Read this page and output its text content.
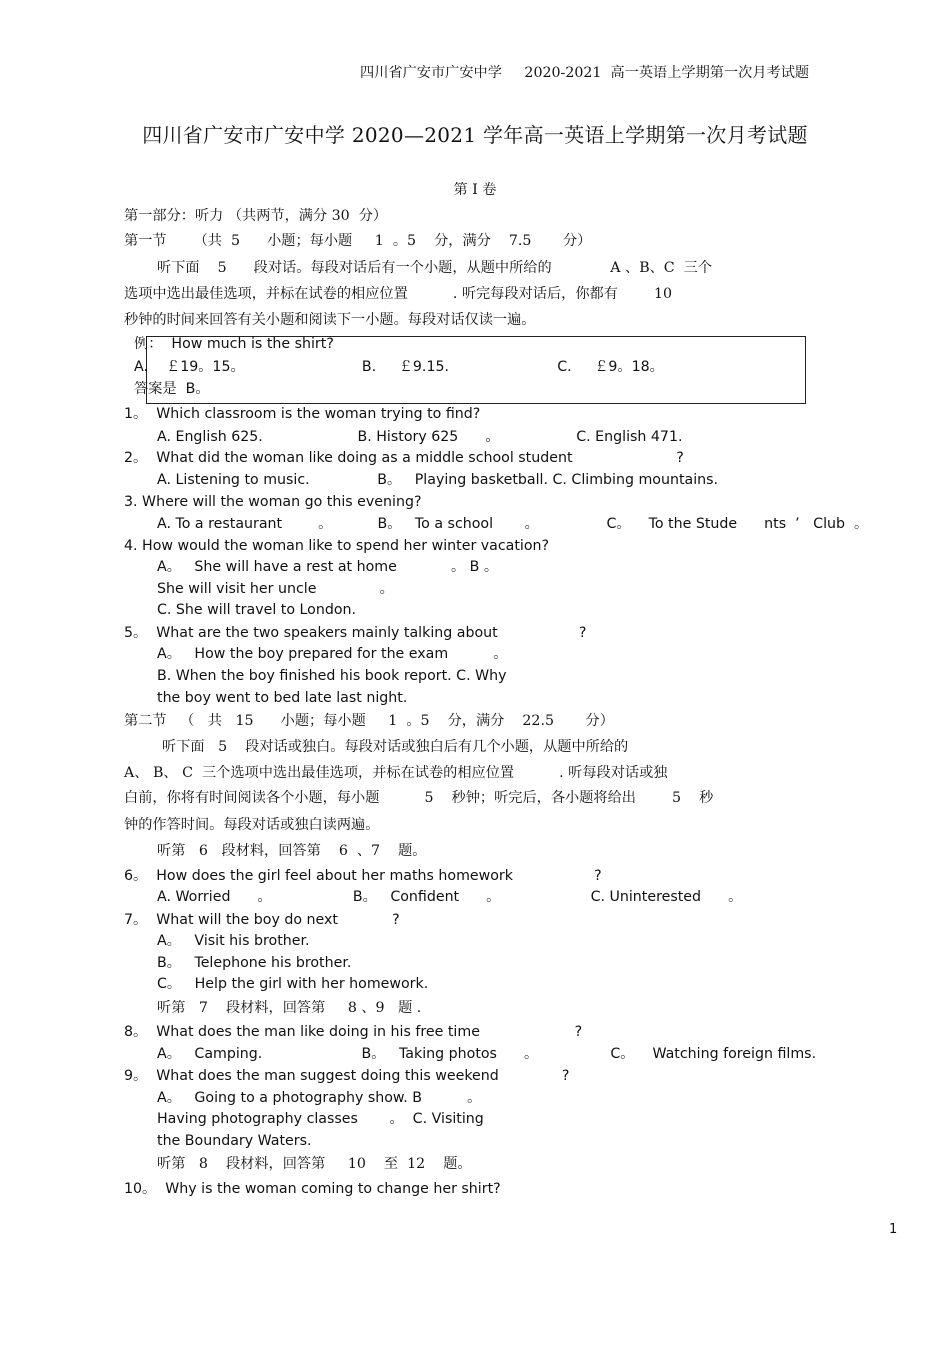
四川省广安市广安中学     2020-2021  高一英语上学期第一次月考试题
四川省广安市广安中学 2020—2021 学年高一英语上学期第一次月考试题
第 I 卷
第一部分：听力 （共两节，满分 30  分）
第一节      （共  5      小题；每小题     1  。5    分，满分    7.5       分）
听下面    5      段对话。每段对话后有一个小题，从题中所给的             A 、B、C  三个
选项中选出最佳选项，并标在试卷的相应位置          . 听完每段对话后，你都有        10
秒钟的时间来回答有关小题和阅读下一小题。每段对话仅读一遍。
例：  How much is the shirt?
A.    ￡19。15。                          B.     ￡9.15.                        C.     ￡9。18。
答案是  B。
1。  Which classroom is the woman trying to find?
A. English 625.                     B. History 625      。                 C. English 471.
2。  What did the woman like doing as a middle school student                       ?
A. Listening to music.               B。   Playing basketball. C. Climbing mountains.
3. Where will the woman go this evening?
A. To a restaurant        。          B。   To a school       。               C。    To the Stude      nts  ’   Club  。
4. How would the woman like to spend her winter vacation?
A。   She will have a rest at home            。 B 。
She will visit her uncle              。
C. She will travel to London.
5。  What are the two speakers mainly talking about                  ?
A。   How the boy prepared for the exam          。
B. When the boy finished his book report. C. Why
the boy went to bed late last night.
第二节   （   共   15      小题；每小题     1  。5    分，满分    22.5       分）
听下面   5    段对话或独白。每段对话或独白后有几个小题，从题中所给的
A、 B、 C  三个选项中选出最佳选项，并标在试卷的相应位置          . 听每段对话或独
白前，你将有时间阅读各个小题，每小题          5    秒钟；听完后，各小题将给出        5    秒
钟的作答时间。每段对话或独白读两遍。
听第   6   段材料，回答第    6  、7    题。
6。  How does the girl feel about her maths homework                  ?
A. Worried      。                  B。   Confident      。                    C. Uninterested      。
7。  What will the boy do next            ?
A。   Visit his brother.
B。   Telephone his brother.
C。   Help the girl with her homework.
听第   7    段材料，回答第     8 、9   题 .
8。  What does the man like doing in his free time                     ?
A。   Camping.                      B。   Taking photos      。                C。    Watching foreign films.
9。  What does the man suggest doing this weekend              ?
A。   Going to a photography show. B          。
Having photography classes       。  C. Visiting
the Boundary Waters.
听第   8    段材料，回答第     10    至  12    题。
10。  Why is the woman coming to change her shirt?
1
